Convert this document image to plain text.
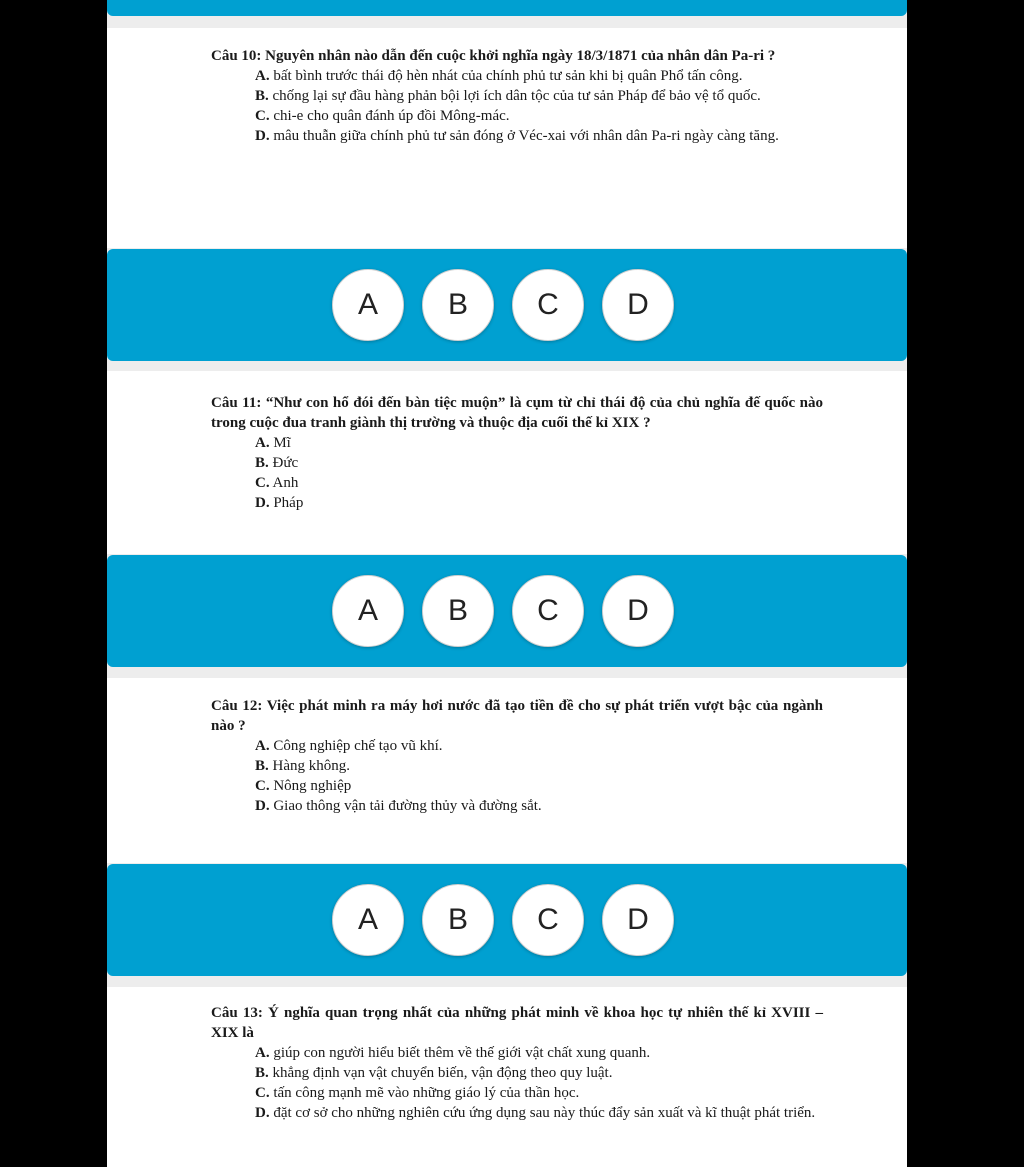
Câu 10: Nguyên nhân nào dẫn đến cuộc khởi nghĩa ngày 18/3/1871 của nhân dân Pa-ri ?

A. bất bình trước thái độ hèn nhát của chính phủ tư sản khi bị quân Phổ tấn công.

B. chống lại sự đầu hàng phản bội lợi ích dân tộc của tư sản Pháp để bảo vệ tổ quốc.

C. chi-e cho quân đánh úp đồi Mông-mác.

D. mâu thuẫn giữa chính phủ tư sản đóng ở Véc-xai với nhân dân Pa-ri ngày càng tăng.

A	B	C	D

Câu 11: “Như con hổ đói đến bàn tiệc muộn” là cụm từ chỉ thái độ của chủ nghĩa đế quốc nào trong cuộc đua tranh giành thị trường và thuộc địa cuối thế kỉ XIX ?

A. Mĩ

B. Đức

C. Anh

D. Pháp

A	B	C	D

Câu 12: Việc phát minh ra máy hơi nước đã tạo tiền đề cho sự phát triển vượt bậc của ngành nào ?

A. Công nghiệp chế tạo vũ khí.

B. Hàng không.

C. Nông nghiệp

D. Giao thông vận tải đường thủy và đường sắt.

A	B	C	D

Câu 13: Ý nghĩa quan trọng nhất của những phát minh về khoa học tự nhiên thế kỉ XVIII – XIX là

A. giúp con người hiểu biết thêm về thế giới vật chất xung quanh.

B. khẳng định vạn vật chuyển biến, vận động theo quy luật.

C. tấn công mạnh mẽ vào những giáo lý của thần học.

D. đặt cơ sở cho những nghiên cứu ứng dụng sau này thúc đẩy sản xuất và kĩ thuật phát triển.
